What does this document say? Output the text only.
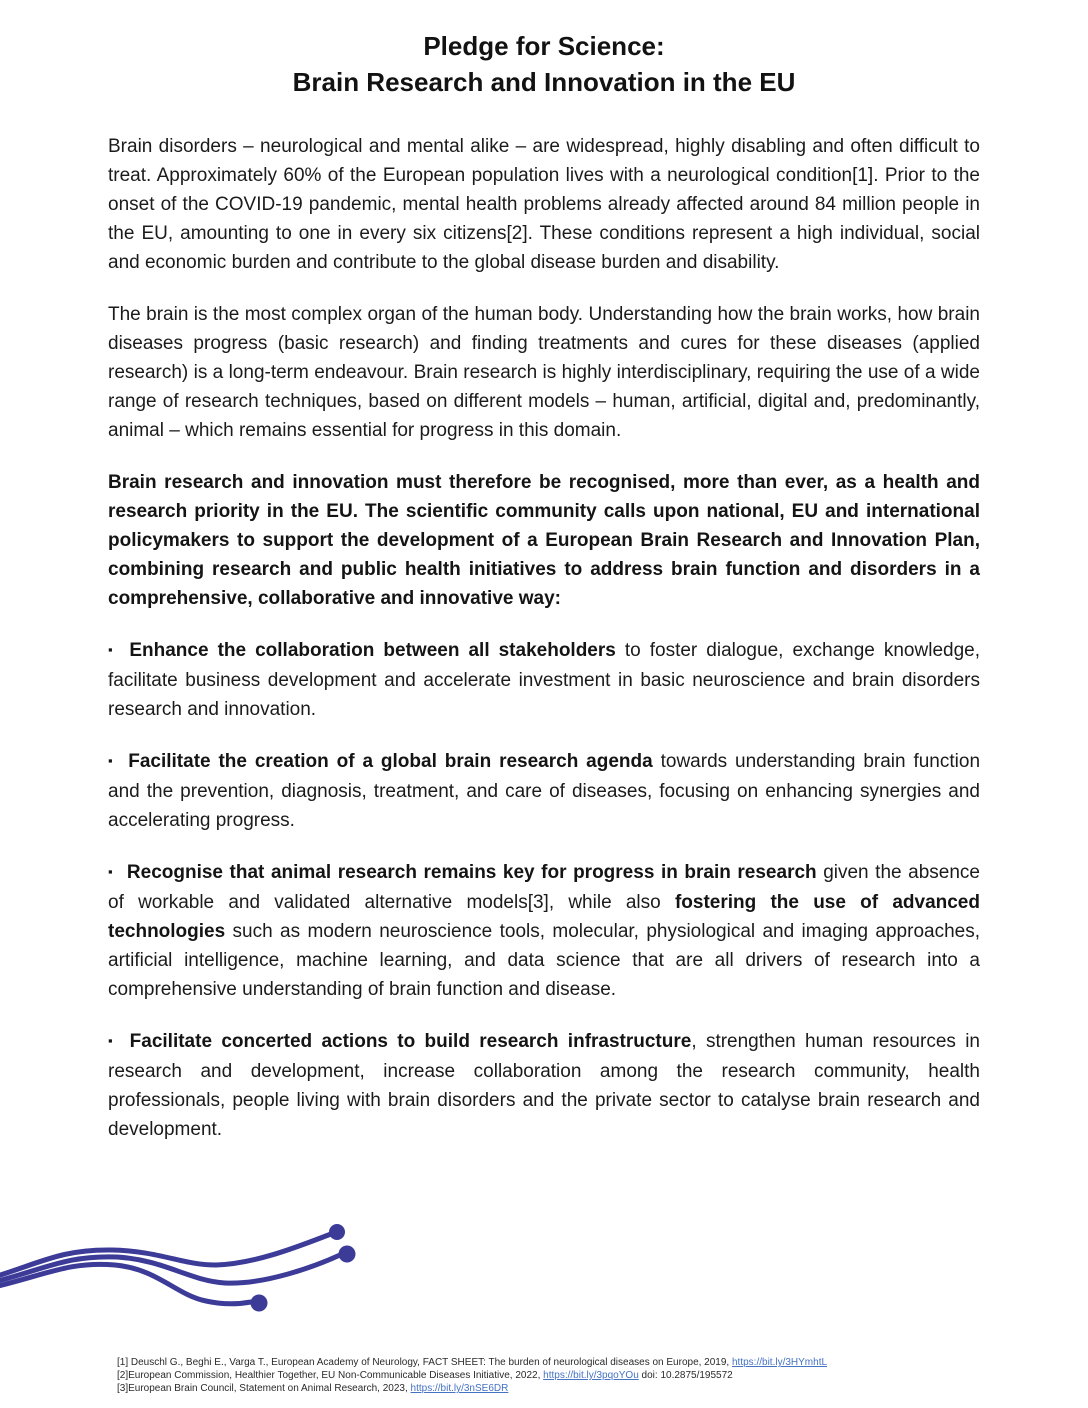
Pledge for Science:
Brain Research and Innovation in the EU

Brain disorders – neurological and mental alike – are widespread, highly disabling and often difficult to treat. Approximately 60% of the European population lives with a neurological condition[1]. Prior to the onset of the COVID-19 pandemic, mental health problems already affected around 84 million people in the EU, amounting to one in every six citizens[2]. These conditions represent a high individual, social and economic burden and contribute to the global disease burden and disability.

The brain is the most complex organ of the human body. Understanding how the brain works, how brain diseases progress (basic research) and finding treatments and cures for these diseases (applied research) is a long-term endeavour. Brain research is highly interdisciplinary, requiring the use of a wide range of research techniques, based on different models – human, artificial, digital and, predominantly, animal – which remains essential for progress in this domain.

Brain research and innovation must therefore be recognised, more than ever, as a health and research priority in the EU. The scientific community calls upon national, EU and international policymakers to support the development of a European Brain Research and Innovation Plan, combining research and public health initiatives to address brain function and disorders in a comprehensive, collaborative and innovative way:

▪ Enhance the collaboration between all stakeholders to foster dialogue, exchange knowledge, facilitate business development and accelerate investment in basic neuroscience and brain disorders research and innovation.

▪ Facilitate the creation of a global brain research agenda towards understanding brain function and the prevention, diagnosis, treatment, and care of diseases, focusing on enhancing synergies and accelerating progress.

▪ Recognise that animal research remains key for progress in brain research given the absence of workable and validated alternative models[3], while also fostering the use of advanced technologies such as modern neuroscience tools, molecular, physiological and imaging approaches, artificial intelligence, machine learning, and data science that are all drivers of research into a comprehensive understanding of brain function and disease.

▪ Facilitate concerted actions to build research infrastructure, strengthen human resources in research and development, increase collaboration among the research community, health professionals, people living with brain disorders and the private sector to catalyse brain research and development.

[1] Deuschl G., Beghi E., Varga T., European Academy of Neurology, FACT SHEET: The burden of neurological diseases on Europe, 2019, https://bit.ly/3HYmhtL
[2]European Commission, Healthier Together, EU Non-Communicable Diseases Initiative, 2022, https://bit.ly/3pqoYOu doi: 10.2875/195572
[3]European Brain Council, Statement on Animal Research, 2023, https://bit.ly/3nSE6DR
